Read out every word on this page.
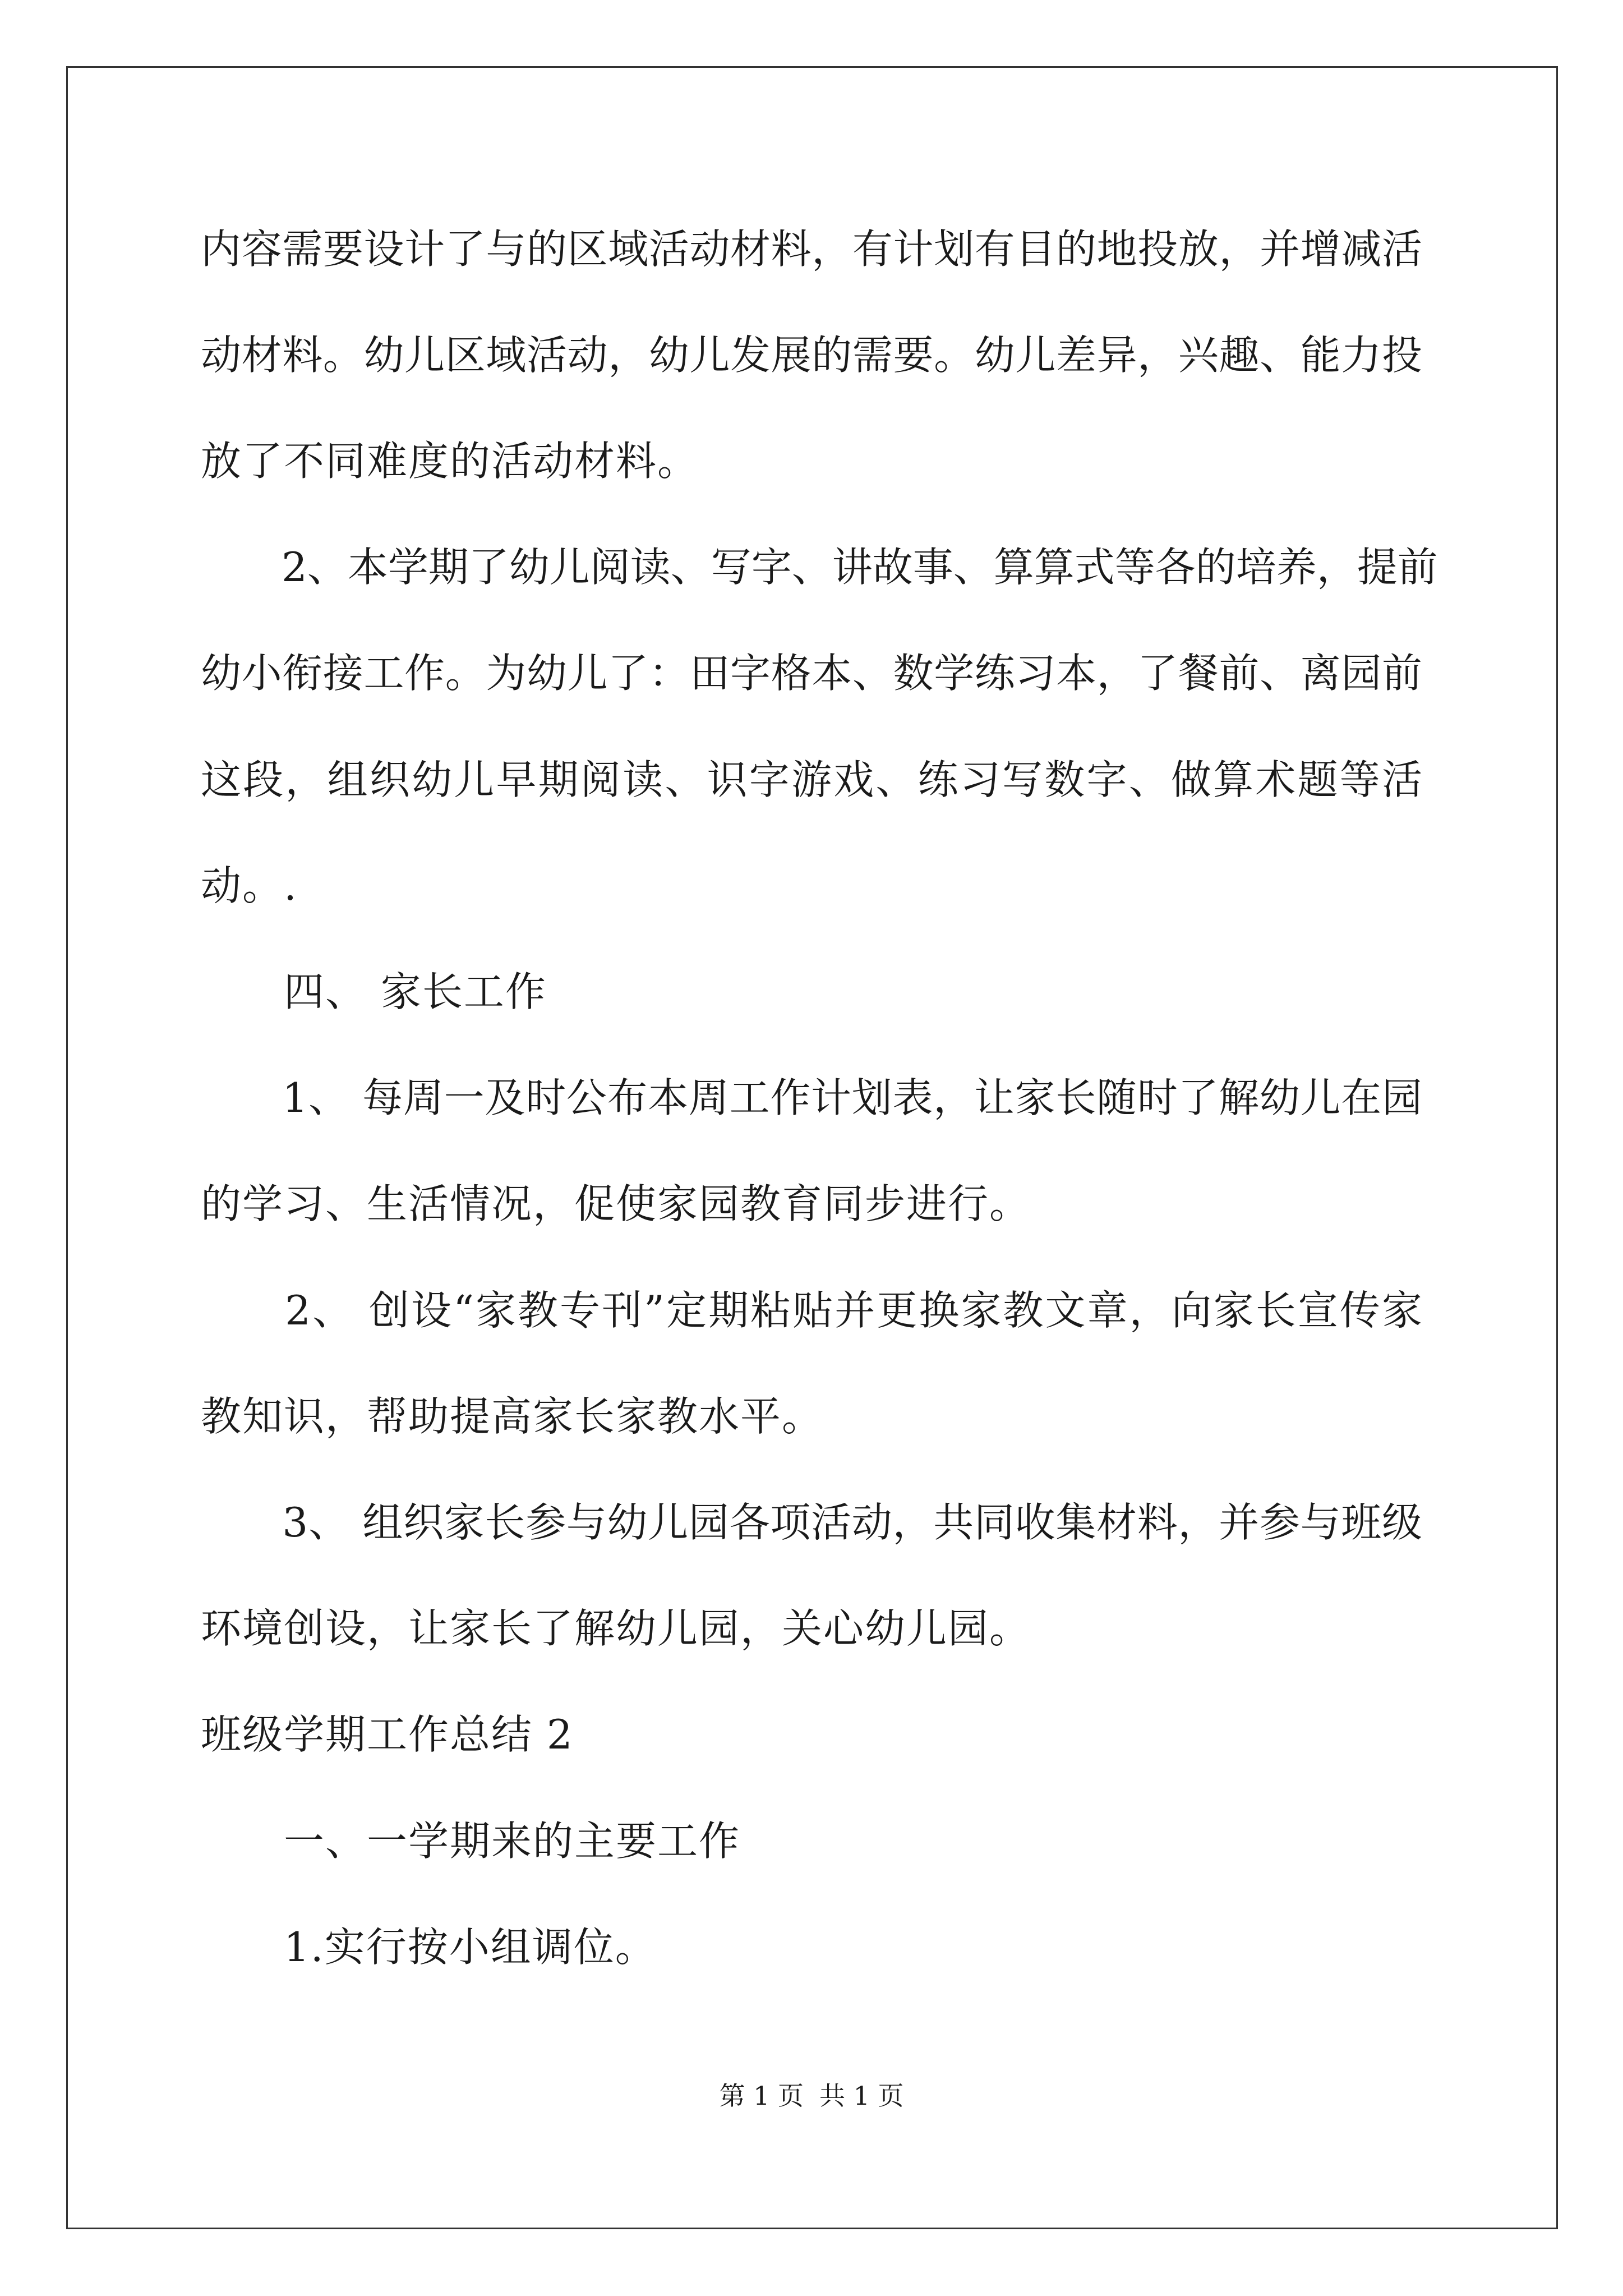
内容需要设计了与的区域活动材料，有计划有目的地投放，并增减活
动材料。幼儿区域活动，幼儿发展的需要。幼儿差异，兴趣、能力投
放了不同难度的活动材料。
　　2、本学期了幼儿阅读、写字、讲故事、算算式等各的培养，提前
幼小衔接工作。为幼儿了：田字格本、数学练习本，了餐前、离园前
这段，组织幼儿早期阅读、识字游戏、练习写数字、做算术题等活
动。.
　　四、 家长工作
　　1、 每周一及时公布本周工作计划表，让家长随时了解幼儿在园
的学习、生活情况，促使家园教育同步进行。
　　2、 创设“家教专刊”定期粘贴并更换家教文章，向家长宣传家
教知识，帮助提高家长家教水平。
　　3、 组织家长参与幼儿园各项活动，共同收集材料，并参与班级
环境创设，让家长了解幼儿园，关心幼儿园。
班级学期工作总结 2
　　一、一学期来的主要工作
　　1.实行按小组调位。
第 1 页 共 1 页
